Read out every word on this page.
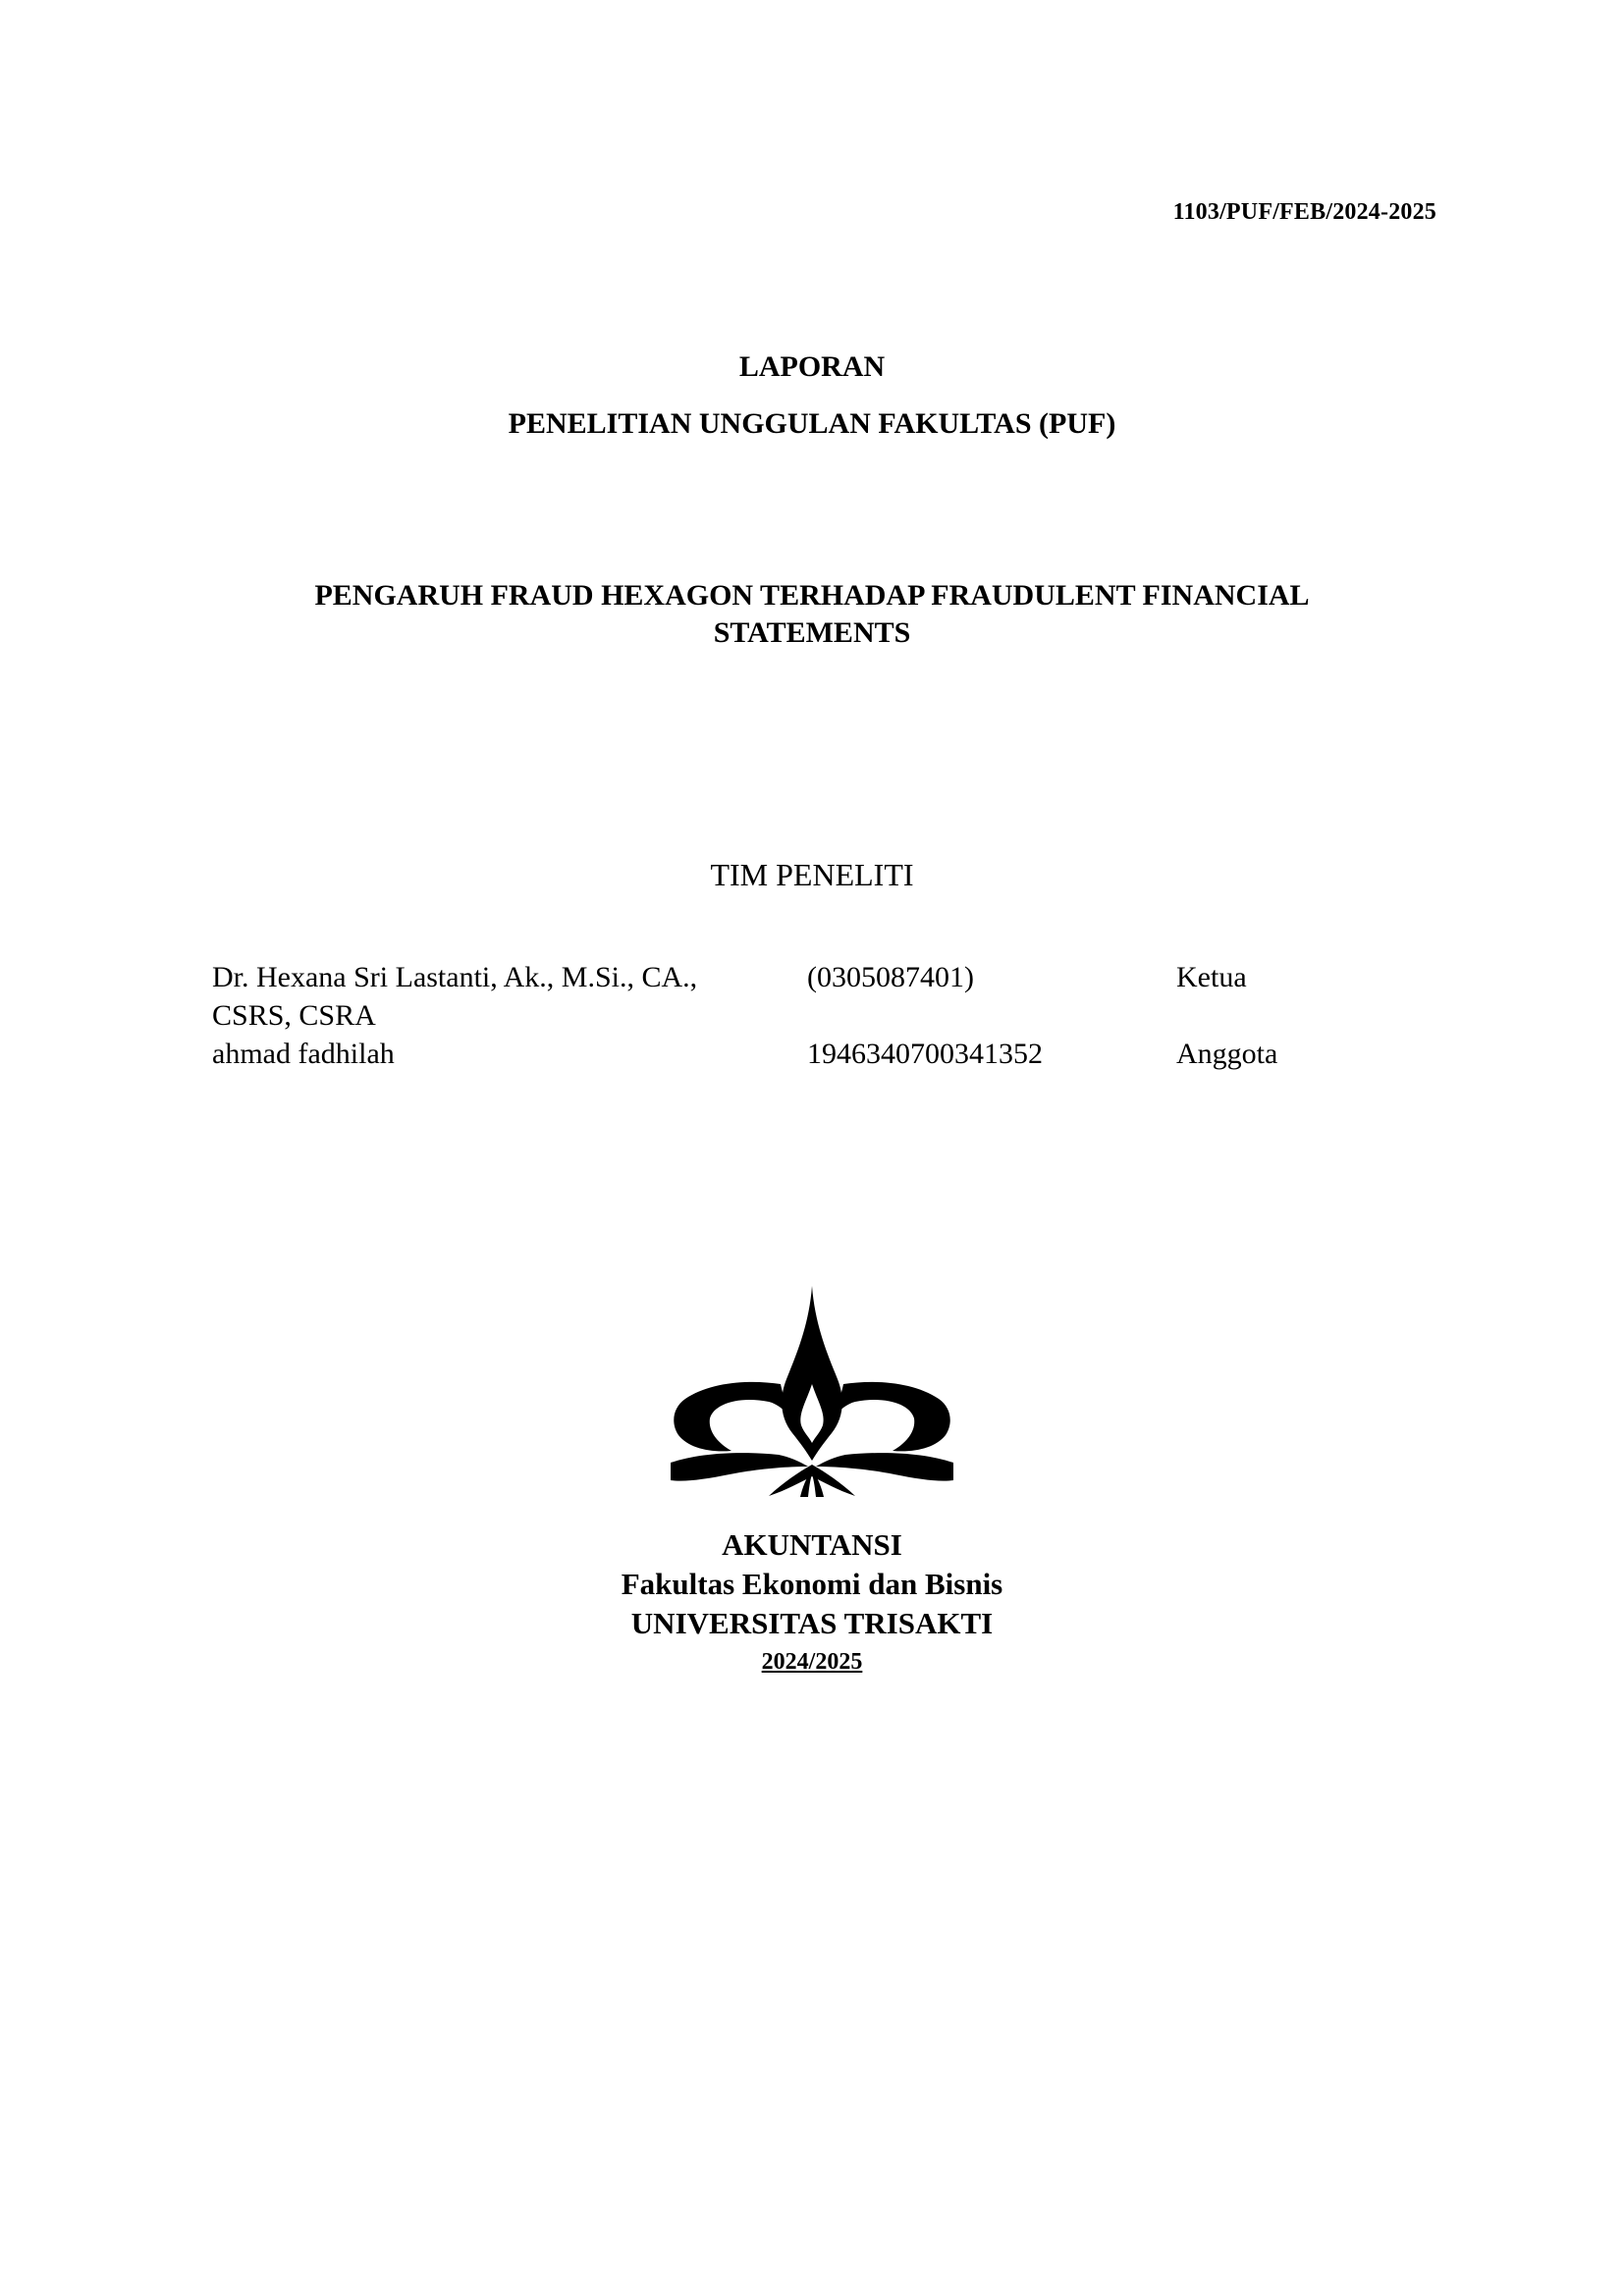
1103/PUF/FEB/2024-2025
LAPORAN
PENELITIAN UNGGULAN FAKULTAS (PUF)
PENGARUH FRAUD HEXAGON TERHADAP FRAUDULENT FINANCIAL
STATEMENTS
TIM PENELITI
Dr. Hexana Sri Lastanti, Ak., M.Si., CA.,
CSRS, CSRA
(0305087401)	Ketua
ahmad fadhilah	1946340700341352	Anggota
AKUNTANSI
Fakultas Ekonomi dan Bisnis
UNIVERSITAS TRISAKTI
2024/2025
